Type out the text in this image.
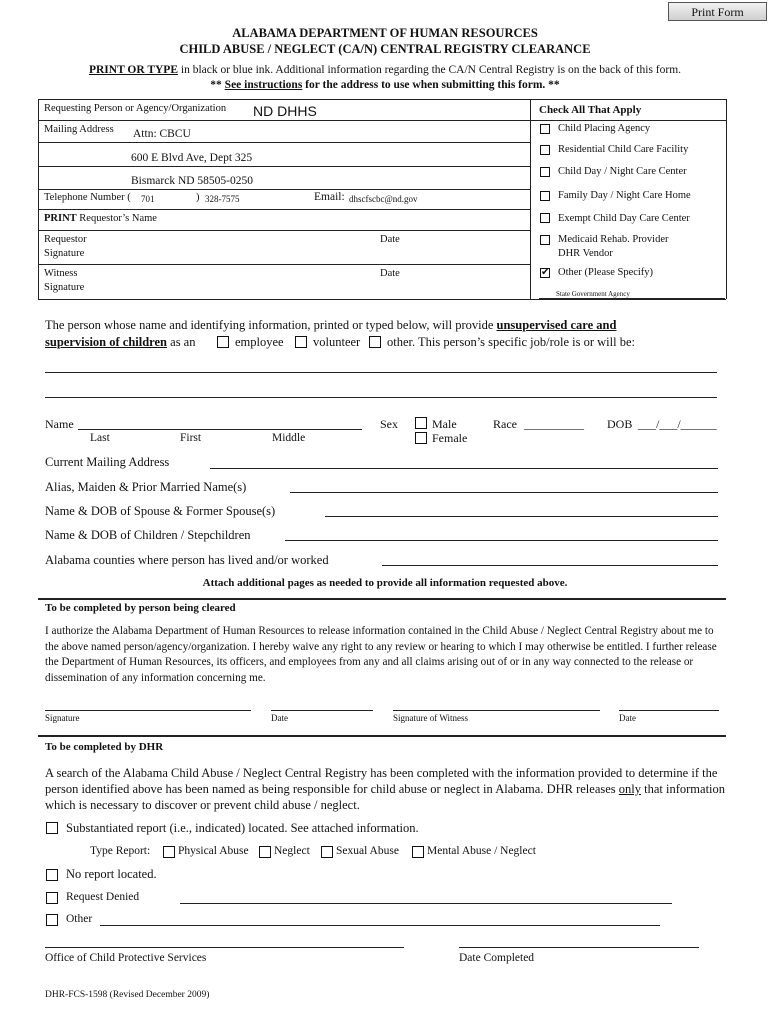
Print Form
ALABAMA DEPARTMENT OF HUMAN RESOURCES
CHILD ABUSE / NEGLECT (CA/N) CENTRAL REGISTRY CLEARANCE
PRINT OR TYPE in black or blue ink. Additional information regarding the CA/N Central Registry is on the back of this form.
** See instructions for the address to use when submitting this form. **
Requesting Person or Agency/Organization ND DHHS
Mailing Address Attn: CBCU
600 E Blvd Ave, Dept 325
Bismarck ND 58505-0250
Telephone Number ( 701	) 328-7575	Email: dhscfscbc@nd.gov
PRINT Requestor’s Name
Requestor
Signature
Date
Witness
Signature
Date
Check All That Apply
Child Placing Agency
Residential Child Care Facility
Child Day / Night Care Center
Family Day / Night Care Home
Exempt Child Day Care Center
Medicaid Rehab. Provider
DHR Vendor
✔ Other (Please Specify)
State Government Agency
The person whose name and identifying information, printed or typed below, will provide unsupervised care and
supervision of children as an	employee volunteer other. This person’s specific job/role is or will be:
Name
Last	First	Middle
Sex	Male
Female
Race __________ DOB ___/___/______
Current Mailing Address
Alias, Maiden & Prior Married Name(s)
Name & DOB of Spouse & Former Spouse(s)
Name & DOB of Children / Stepchildren
Alabama counties where person has lived and/or worked
Attach additional pages as needed to provide all information requested above.
To be completed by person being cleared
I authorize the Alabama Department of Human Resources to release information contained in the Child Abuse / Neglect Central Registry about me to the above named person/agency/organization. I hereby waive any right to any review or hearing to which I may otherwise be entitled. I further release the Department of Human Resources, its officers, and employees from any and all claims arising out of or in any way connected to the release or dissemination of any information concerning me.
Signature	Date	Signature of Witness	Date
To be completed by DHR
A search of the Alabama Child Abuse / Neglect Central Registry has been completed with the information provided to determine if the person identified above has been named as being responsible for child abuse or neglect in Alabama. DHR releases only that information which is necessary to discover or prevent child abuse / neglect.
Substantiated report (i.e., indicated) located. See attached information.
Type Report: Physical Abuse Neglect Sexual Abuse Mental Abuse / Neglect
No report located.
Request Denied
Other
Office of Child Protective Services	Date Completed
DHR-FCS-1598 (Revised December 2009)
